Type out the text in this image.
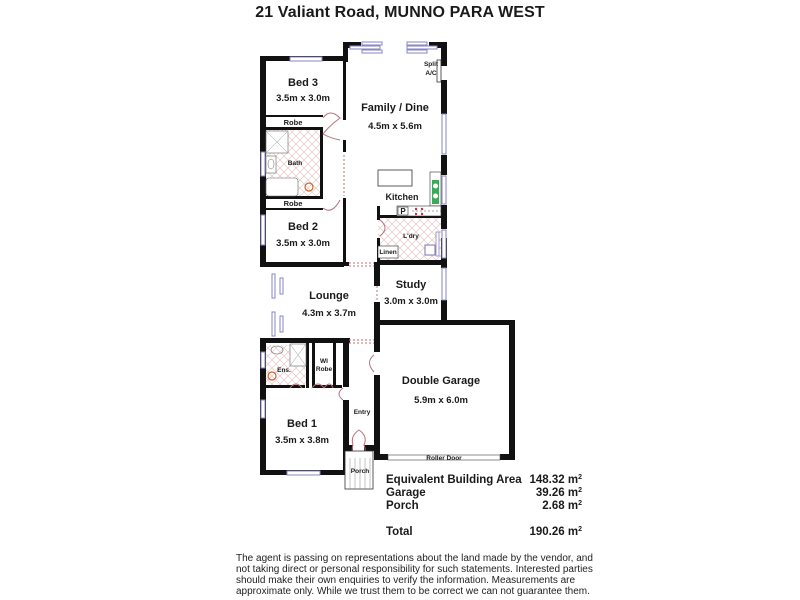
21 Valiant Road, MUNNO PARA WEST
Bed 3
3.5m x 3.0m
Robe
Bath
Robe
Bed 2
3.5m x 3.0m
Family / Dine
4.5m x 5.6m
Split
A/C
Kitchen
P
L'dry
Linen
Lounge
4.3m x 3.7m
Study
3.0m x 3.0m
Double Garage
5.9m x 6.0m
Roller Door
Ens.
WI
Robe
Entry
Bed 1
3.5m x 3.8m
Porch
Equivalent Building Area 148.32 $m^2$
Garage	39.26 $m^2$
Porch	2.68 $m^2$
Total	190.26 $m^2$
The agent is passing on representations about the land made by the vendor, and not taking direct or personal responsibility for such statements. Interested parties should make their own enquiries to verify the information. Measurements are approximate only. While we trust them to be correct we can not guarantee them.
